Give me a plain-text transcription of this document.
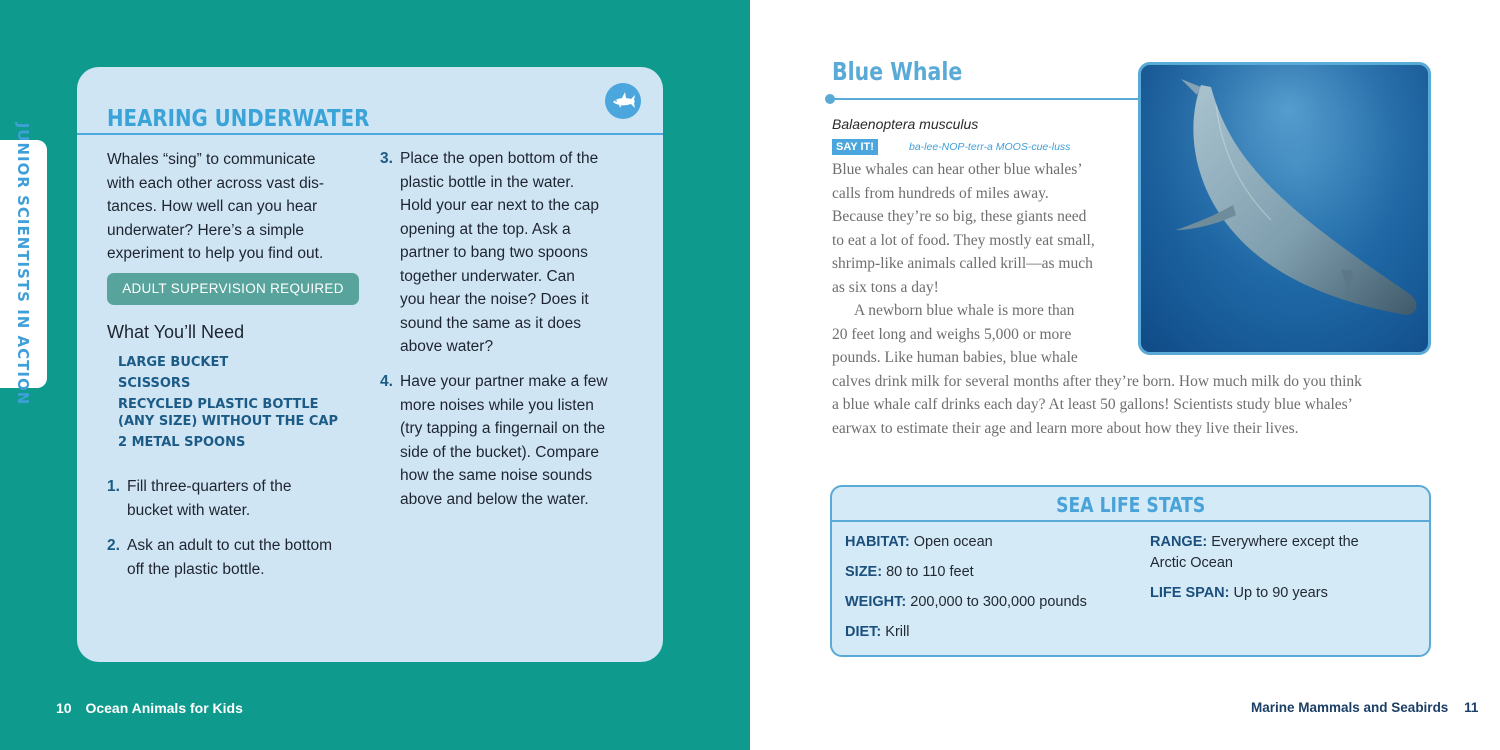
JUNIOR SCIENTISTS IN ACTION
HEARING UNDERWATER
Whales “sing” to communicate
with each other across vast dis-
tances. How well can you hear
underwater? Here’s a simple
experiment to help you find out.
ADULT SUPERVISION REQUIRED
What You’ll Need
LARGE BUCKET
SCISSORS
RECYCLED PLASTIC BOTTLE
(ANY SIZE) WITHOUT THE CAP
2 METAL SPOONS
1. Fill three-quarters of the
bucket with water.
2. Ask an adult to cut the bottom
off the plastic bottle.
3. Place the open bottom of the
plastic bottle in the water.
Hold your ear next to the cap
opening at the top. Ask a
partner to bang two spoons
together underwater. Can
you hear the noise? Does it
sound the same as it does
above water?
4. Have your partner make a few
more noises while you listen
(try tapping a fingernail on the
side of the bucket). Compare
how the same noise sounds
above and below the water.
10 Ocean Animals for Kids
Blue Whale
Balaenoptera musculus
SAY IT!	ba-lee-NOP-terr-a MOOS-cue-luss
Blue whales can hear other blue whales’
calls from hundreds of miles away.
Because they’re so big, these giants need
to eat a lot of food. They mostly eat small,
shrimp-like animals called krill—as much
as six tons a day!
A newborn blue whale is more than
20 feet long and weighs 5,000 or more
pounds. Like human babies, blue whale
calves drink milk for several months after they’re born. How much milk do you think
a blue whale calf drinks each day? At least 50 gallons! Scientists study blue whales’
earwax to estimate their age and learn more about how they live their lives.
SEA LIFE STATS
HABITAT: Open ocean
SIZE: 80 to 110 feet
WEIGHT: 200,000 to 300,000 pounds
DIET: Krill
RANGE: Everywhere except the
Arctic Ocean
LIFE SPAN: Up to 90 years
Marine Mammals and Seabirds 11
